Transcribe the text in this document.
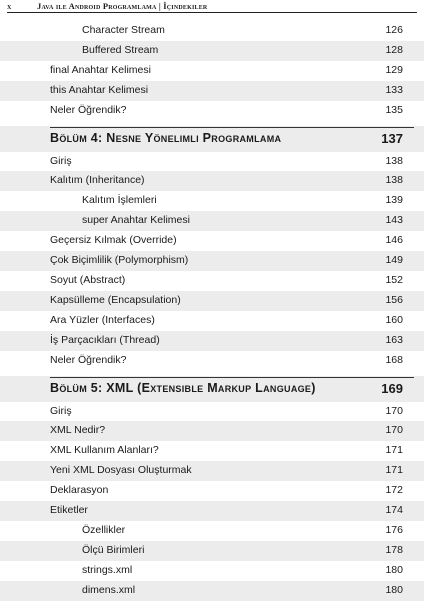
x	Java ile Android Programlama | İçindekiler
Character Stream	126
Buffered Stream	128
final Anahtar Kelimesi	129
this Anahtar Kelimesi	133
Neler Öğrendik?	135
Bölüm 4: Nesne Yönelimli Programlama	137
Giriş	138
Kalıtım (Inheritance)	138
Kalıtım İşlemleri	139
super Anahtar Kelimesi	143
Geçersiz Kılmak (Override)	146
Çok Biçimlilik (Polymorphism)	149
Soyut (Abstract)	152
Kapsülleme (Encapsulation)	156
Ara Yüzler (Interfaces)	160
İş Parçacıkları (Thread)	163
Neler Öğrendik?	168
Bölüm 5: XML (Extensible Markup Language)	169
Giriş	170
XML Nedir?	170
XML Kullanım Alanları?	171
Yeni XML Dosyası Oluşturmak	171
Deklarasyon	172
Etiketler	174
Özellikler	176
Ölçü Birimleri	178
strings.xml	180
dimens.xml	180
